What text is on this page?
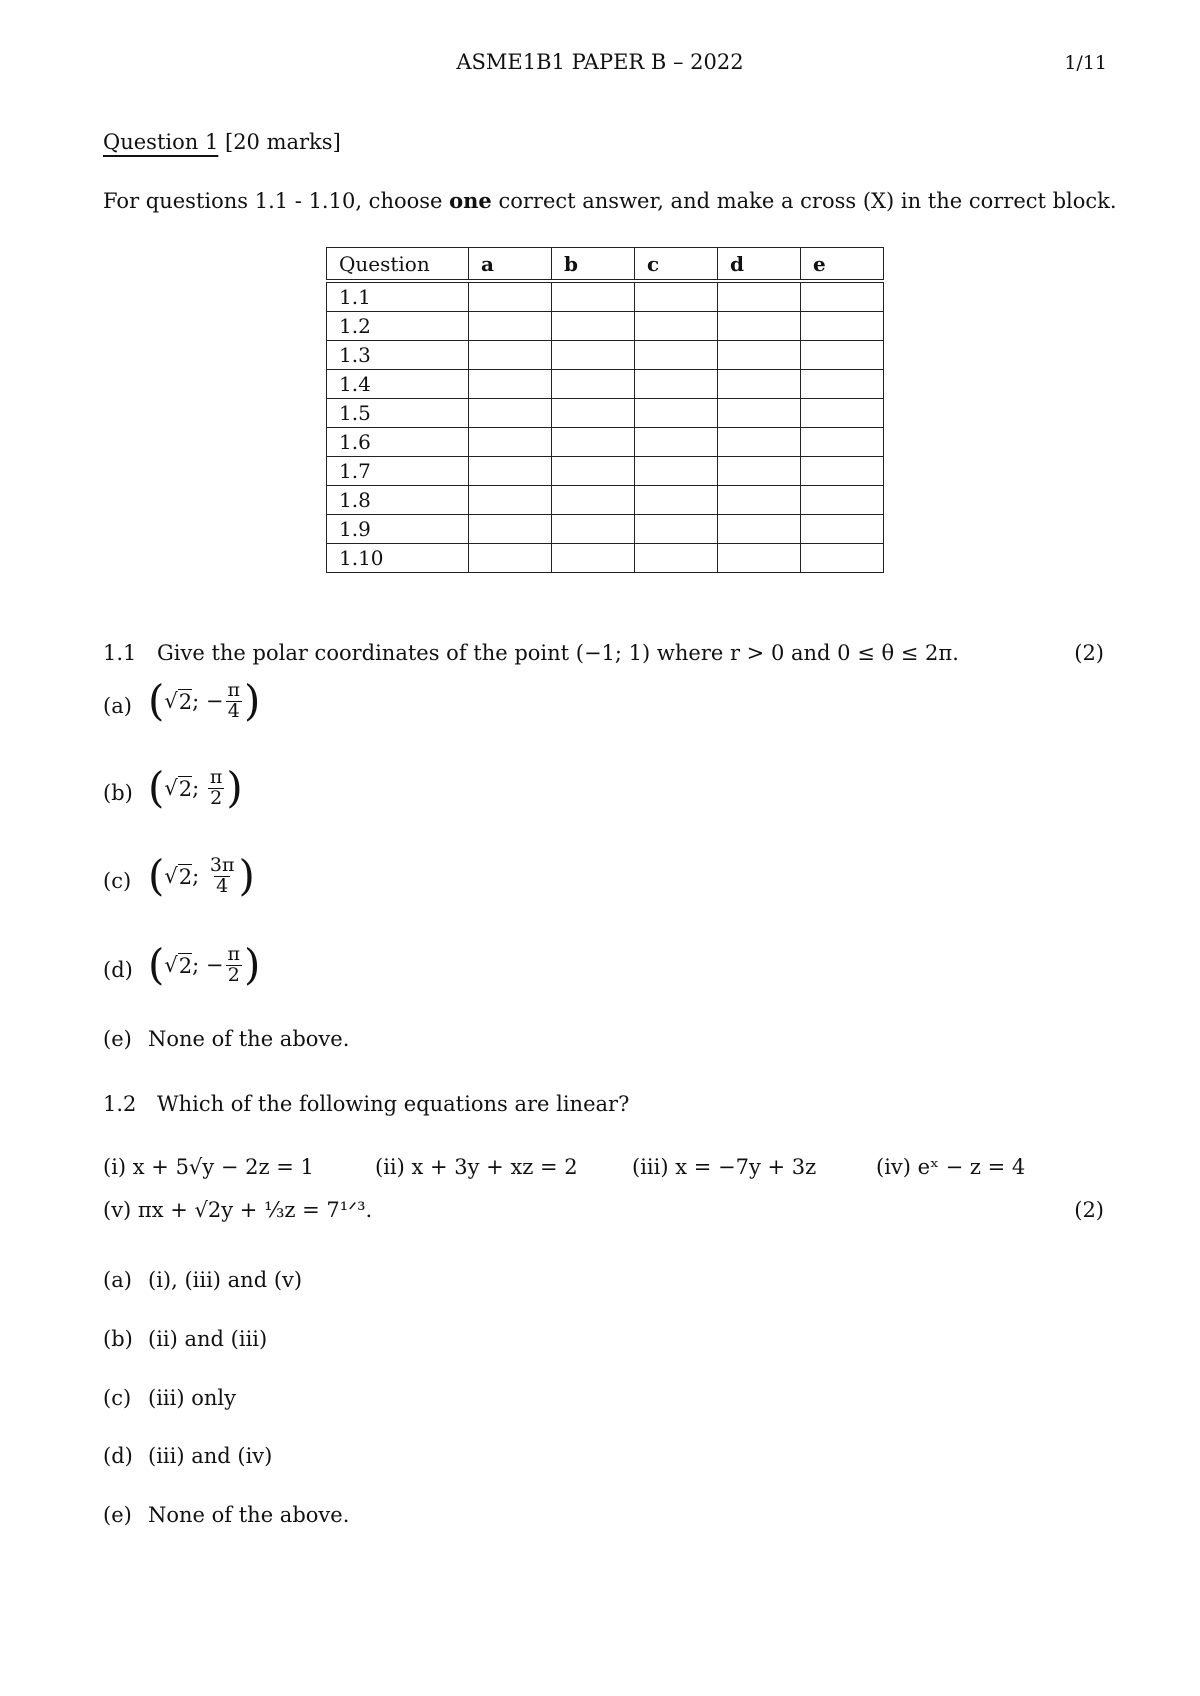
ASME1B1 PAPER B – 2022	1/11
Question 1 [20 marks]
For questions 1.1 - 1.10, choose one correct answer, and make a cross (X) in the correct block.
Question	a	b	c	d	e
1.1					
1.2					
1.3					
1.4					
1.5					
1.6					
1.7					
1.8					
1.9					
1.10					
1.1 Give the polar coordinates of the point (−1; 1) where r > 0 and 0 ≤ θ ≤ 2π.	(2)
(a) ( √ 2 ; − $\frac{\pi}{4}$ )
(b) ( √ 2 ; $\frac{\pi}{2}$ )
(c) ( √ 2 ; $\frac{3\pi}{4}$ )
(d) ( √ 2 ; − $\frac{\pi}{2}$ )
(e) None of the above.
1.2 Which of the following equations are linear?
(i) x + 5√y − 2z = 1	(ii) x + 3y + xz = 2	(iii) x = −7y + 3z	(iv) eˣ − z = 4
(v) πx + √2y + ⅓z = 7¹ᐟ³.	(2)
(a) (i), (iii) and (v)
(b) (ii) and (iii)
(c) (iii) only
(d) (iii) and (iv)
(e) None of the above.
